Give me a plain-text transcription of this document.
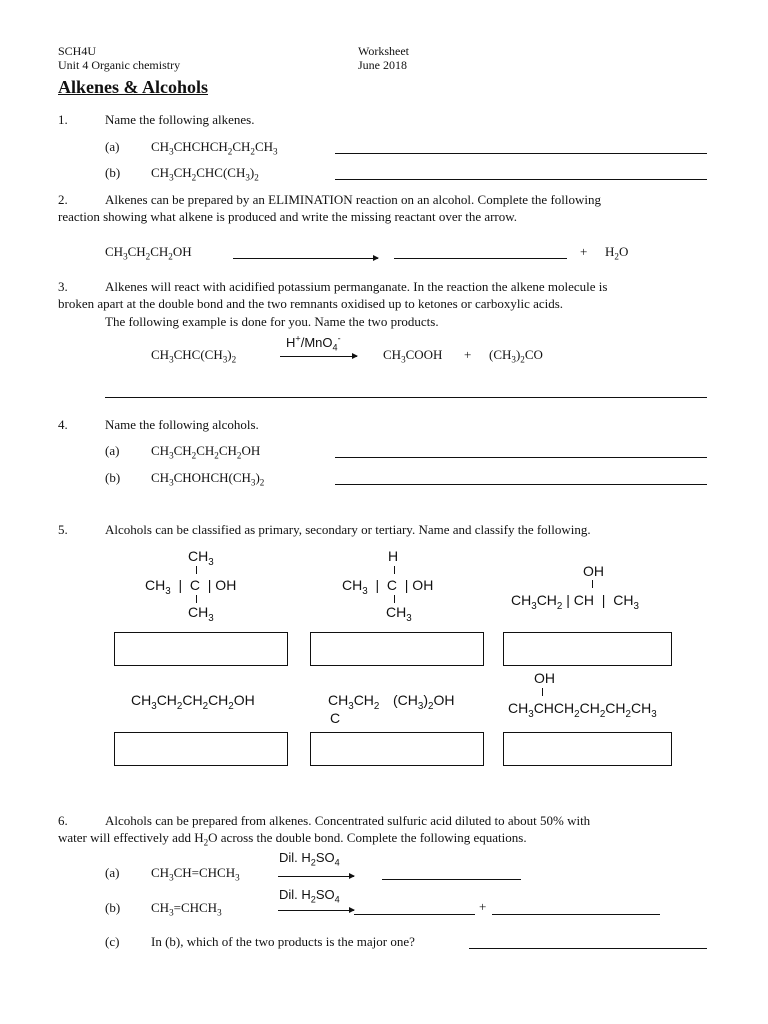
SCH4U
Unit 4 Organic chemistry
Worksheet
June 2018
Alkenes & Alcohols
1.	Name the following alkenes.
(a) $CH_3CHCHCH_2CH_2CH_3$
(b) $CH_3CH_2CHC(CH_3)_2$
2.	Alkenes can be prepared by an ELIMINATION reaction on an alcohol. Complete the following
reaction showing what alkene is produced and write the missing reactant over the arrow.
$CH_3CH_2CH_2OH$	+ $H_2O$
3.	Alkenes will react with acidified potassium permanganate. In the reaction the alkene molecule is
broken apart at the double bond and the two remnants oxidised up to ketones or carboxylic acids.
The following example is done for you. Name the two products.
H+/MnO$_4$-
$CH_3CHC(CH_3)_2$	$CH_3COOH + (CH_3)_2CO$
4.	Name the following alcohols.
(a) $CH_3CH_2CH_2CH_2OH$
(b) $CH_3CHOHCH(CH_3)_2$
5.	Alcohols can be classified as primary, secondary or tertiary. Name and classify the following.
$CH_3$
$CH_3$  |  C  | OH
$CH_3$
H
$CH_3$  |  C  | OH
$CH_3$
OH
$CH_3CH_2$ | CH  |  $CH_3$
$CH_3CH_2CH_2CH_2OH$	$CH_3CH_2$ $(CH_3)_2OH$
C
OH
$CH_3CHCH_2CH_2CH_2CH_3$
6.	Alcohols can be prepared from alkenes. Concentrated sulfuric acid diluted to about 50% with
water will effectively add $H_2O$ across the double bond. Complete the following equations.
(a) $CH_3CH=CHCH_3$
Dil. $H_2SO_4$
(b) $CH_3=CHCH_3$
Dil. $H_2SO_4$	+
(c) In (b), which of the two products is the major one?
